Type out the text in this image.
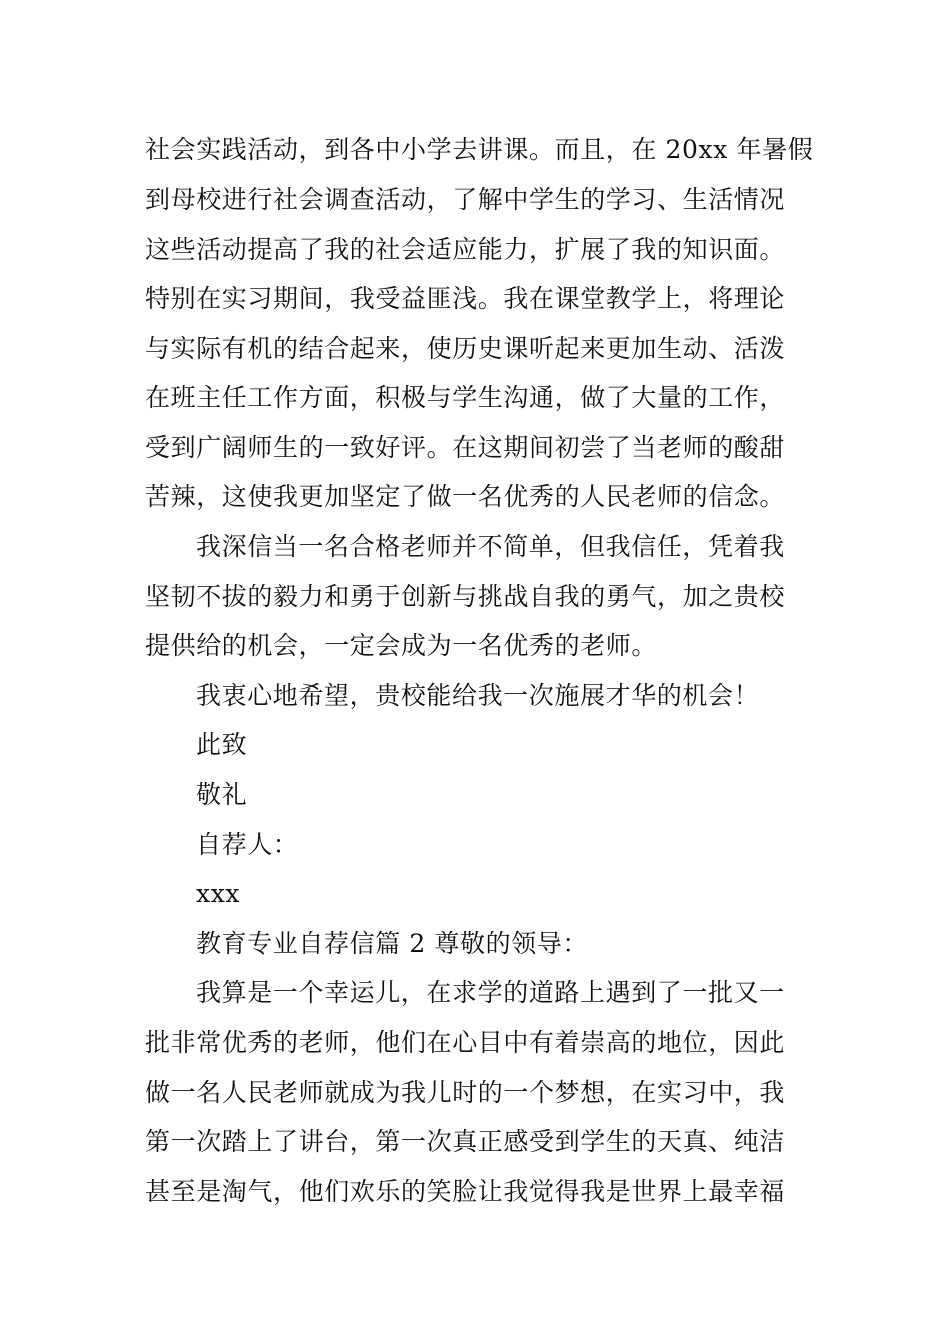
社会实践活动，到各中小学去讲课。而且，在 20xx 年暑假
到母校进行社会调查活动，了解中学生的学习、生活情况
这些活动提高了我的社会适应能力，扩展了我的知识面。
特别在实习期间，我受益匪浅。我在课堂教学上，将理论
与实际有机的结合起来，使历史课听起来更加生动、活泼
在班主任工作方面，积极与学生沟通，做了大量的工作，
受到广阔师生的一致好评。在这期间初尝了当老师的酸甜
苦辣，这使我更加坚定了做一名优秀的人民老师的信念。
我深信当一名合格老师并不简单，但我信任，凭着我
坚韧不拔的毅力和勇于创新与挑战自我的勇气，加之贵校
提供给的机会，一定会成为一名优秀的老师。
我衷心地希望，贵校能给我一次施展才华的机会！
此致
敬礼
自荐人：
xxx
教育专业自荐信篇 2 尊敬的领导：
我算是一个幸运儿，在求学的道路上遇到了一批又一
批非常优秀的老师，他们在心目中有着崇高的地位，因此
做一名人民老师就成为我儿时的一个梦想，在实习中，我
第一次踏上了讲台，第一次真正感受到学生的天真、纯洁
甚至是淘气，他们欢乐的笑脸让我觉得我是世界上最幸福
